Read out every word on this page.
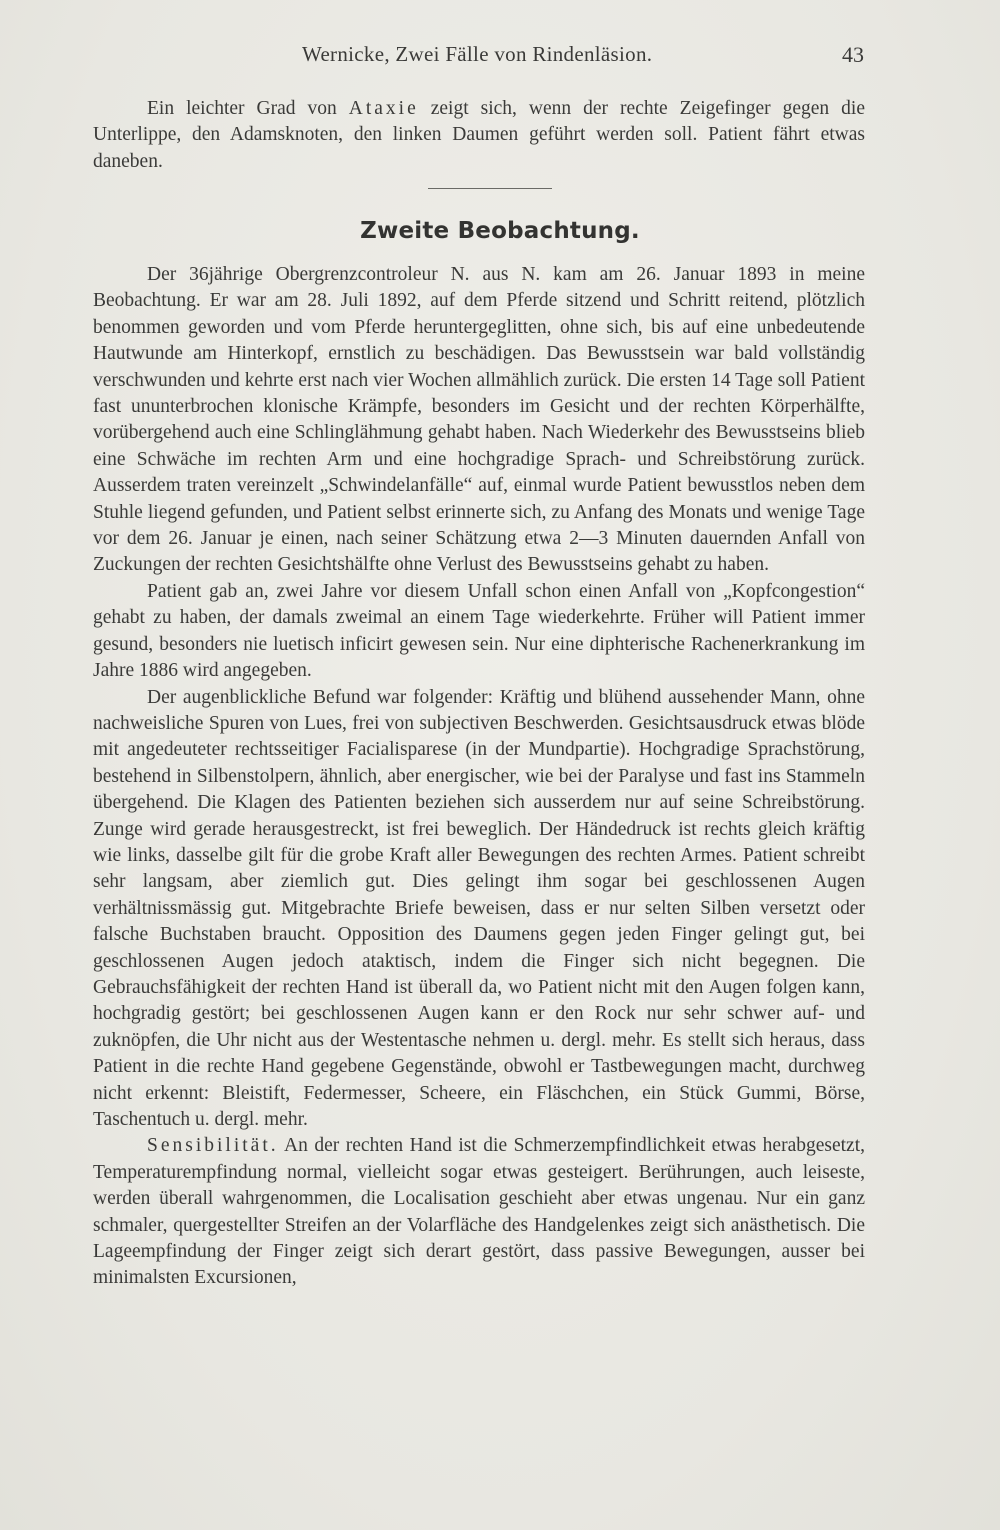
Wernicke, Zwei Fälle von Rindenläsion.	43

Ein leichter Grad von Ataxie zeigt sich, wenn der rechte Zeigefinger gegen die Unterlippe, den Adamsknoten, den linken Daumen geführt werden soll. Patient fährt etwas daneben.

Zweite Beobachtung.

Der 36jährige Obergrenzcontroleur N. aus N. kam am 26. Januar 1893 in meine Beobachtung. Er war am 28. Juli 1892, auf dem Pferde sitzend und Schritt reitend, plötzlich benommen geworden und vom Pferde heruntergeglitten, ohne sich, bis auf eine unbedeutende Hautwunde am Hinterkopf, ernstlich zu beschädigen. Das Bewusstsein war bald vollständig verschwunden und kehrte erst nach vier Wochen allmählich zurück. Die ersten 14 Tage soll Patient fast ununterbrochen klonische Krämpfe, besonders im Gesicht und der rechten Körperhälfte, vorübergehend auch eine Schlinglähmung gehabt haben. Nach Wiederkehr des Bewusstseins blieb eine Schwäche im rechten Arm und eine hochgradige Sprach- und Schreibstörung zurück. Ausserdem traten vereinzelt „Schwindelanfälle“ auf, einmal wurde Patient bewusstlos neben dem Stuhle liegend gefunden, und Patient selbst erinnerte sich, zu Anfang des Monats und wenige Tage vor dem 26. Januar je einen, nach seiner Schätzung etwa 2—3 Minuten dauernden Anfall von Zuckungen der rechten Gesichtshälfte ohne Verlust des Bewusstseins gehabt zu haben.

Patient gab an, zwei Jahre vor diesem Unfall schon einen Anfall von „Kopfcongestion“ gehabt zu haben, der damals zweimal an einem Tage wiederkehrte. Früher will Patient immer gesund, besonders nie luetisch inficirt gewesen sein. Nur eine diphterische Rachenerkrankung im Jahre 1886 wird angegeben.

Der augenblickliche Befund war folgender: Kräftig und blühend aussehender Mann, ohne nachweisliche Spuren von Lues, frei von subjectiven Beschwerden. Gesichtsausdruck etwas blöde mit angedeuteter rechtsseitiger Facialisparese (in der Mundpartie). Hochgradige Sprachstörung, bestehend in Silbenstolpern, ähnlich, aber energischer, wie bei der Paralyse und fast ins Stammeln übergehend. Die Klagen des Patienten beziehen sich ausserdem nur auf seine Schreibstörung. Zunge wird gerade herausgestreckt, ist frei beweglich. Der Händedruck ist rechts gleich kräftig wie links, dasselbe gilt für die grobe Kraft aller Bewegungen des rechten Armes. Patient schreibt sehr langsam, aber ziemlich gut. Dies gelingt ihm sogar bei geschlossenen Augen verhältnissmässig gut. Mitgebrachte Briefe beweisen, dass er nur selten Silben versetzt oder falsche Buchstaben braucht. Opposition des Daumens gegen jeden Finger gelingt gut, bei geschlossenen Augen jedoch ataktisch, indem die Finger sich nicht begegnen. Die Gebrauchsfähigkeit der rechten Hand ist überall da, wo Patient nicht mit den Augen folgen kann, hochgradig gestört; bei geschlossenen Augen kann er den Rock nur sehr schwer auf- und zuknöpfen, die Uhr nicht aus der Westentasche nehmen u. dergl. mehr. Es stellt sich heraus, dass Patient in die rechte Hand gegebene Gegenstände, obwohl er Tastbewegungen macht, durchweg nicht erkennt: Bleistift, Federmesser, Scheere, ein Fläschchen, ein Stück Gummi, Börse, Taschentuch u. dergl. mehr.

Sensibilität. An der rechten Hand ist die Schmerzempfindlichkeit etwas herabgesetzt, Temperaturempfindung normal, vielleicht sogar etwas gesteigert. Berührungen, auch leiseste, werden überall wahrgenommen, die Localisation geschieht aber etwas ungenau. Nur ein ganz schmaler, quergestellter Streifen an der Volarfläche des Handgelenkes zeigt sich anästhetisch. Die Lageempfindung der Finger zeigt sich derart gestört, dass passive Bewegungen, ausser bei minimalsten Excursionen,
